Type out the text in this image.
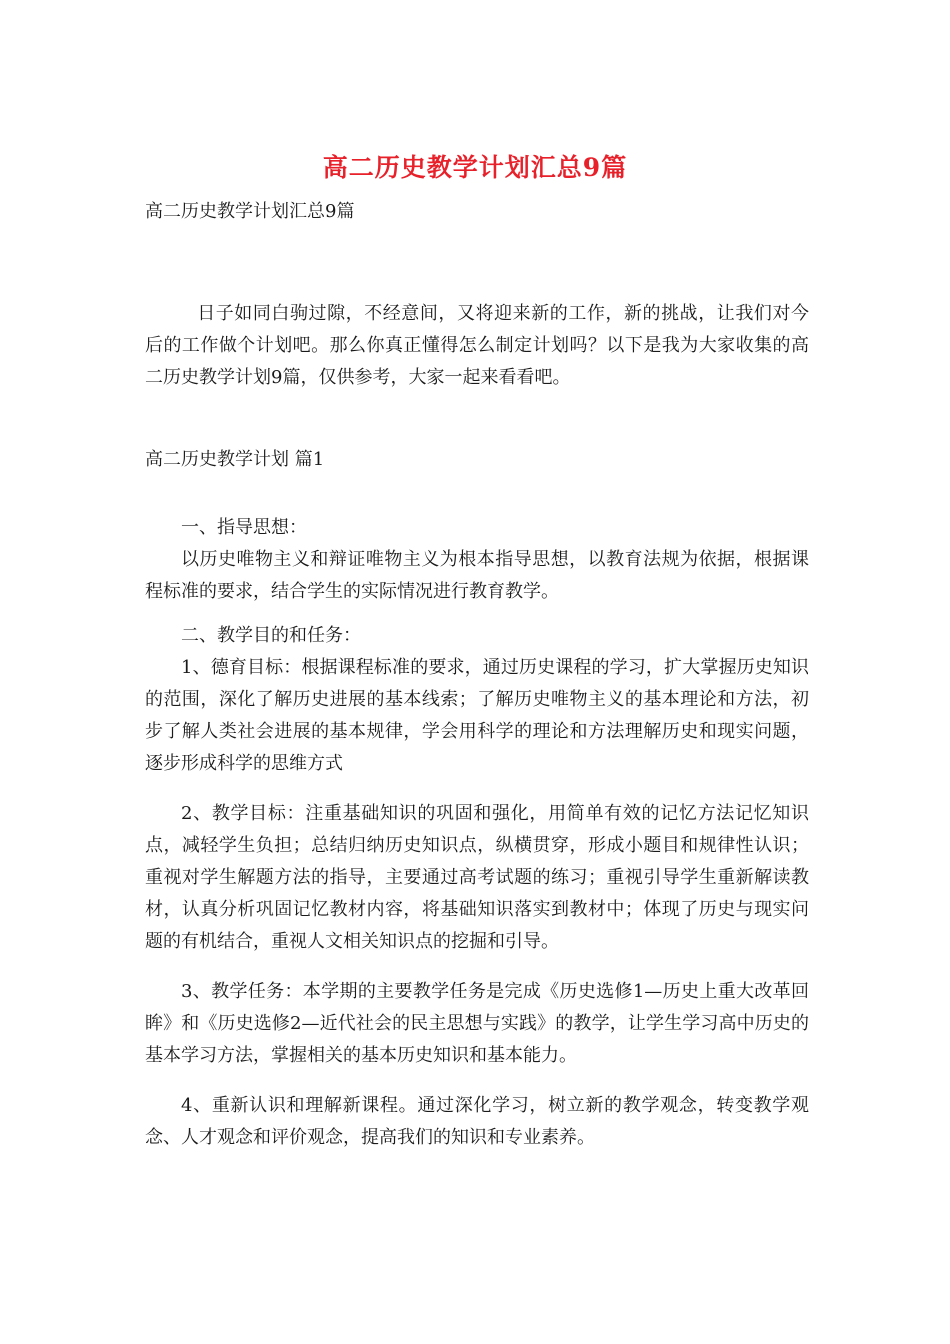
高二历史教学计划汇总9篇
高二历史教学计划汇总9篇

日子如同白驹过隙，不经意间，又将迎来新的工作，新的挑战，让我们对今后的工作做个计划吧。那么你真正懂得怎么制定计划吗？以下是我为大家收集的高二历史教学计划9篇，仅供参考，大家一起来看看吧。

高二历史教学计划 篇1

一、指导思想：

以历史唯物主义和辩证唯物主义为根本指导思想，以教育法规为依据，根据课程标准的要求，结合学生的实际情况进行教育教学。

二、教学目的和任务：

1、德育目标：根据课程标准的要求，通过历史课程的学习，扩大掌握历史知识的范围，深化了解历史进展的基本线索；了解历史唯物主义的基本理论和方法，初步了解人类社会进展的基本规律，学会用科学的理论和方法理解历史和现实问题，逐步形成科学的思维方式

2、教学目标：注重基础知识的巩固和强化，用简单有效的记忆方法记忆知识点，减轻学生负担；总结归纳历史知识点，纵横贯穿，形成小题目和规律性认识；重视对学生解题方法的指导，主要通过高考试题的练习；重视引导学生重新解读教材，认真分析巩固记忆教材内容，将基础知识落实到教材中；体现了历史与现实问题的有机结合，重视人文相关知识点的挖掘和引导。

3、教学任务：本学期的主要教学任务是完成《历史选修1—历史上重大改革回眸》和《历史选修2—近代社会的民主思想与实践》的教学，让学生学习高中历史的基本学习方法，掌握相关的基本历史知识和基本能力。

4、重新认识和理解新课程。通过深化学习，树立新的教学观念，转变教学观念、人才观念和评价观念，提高我们的知识和专业素养。
